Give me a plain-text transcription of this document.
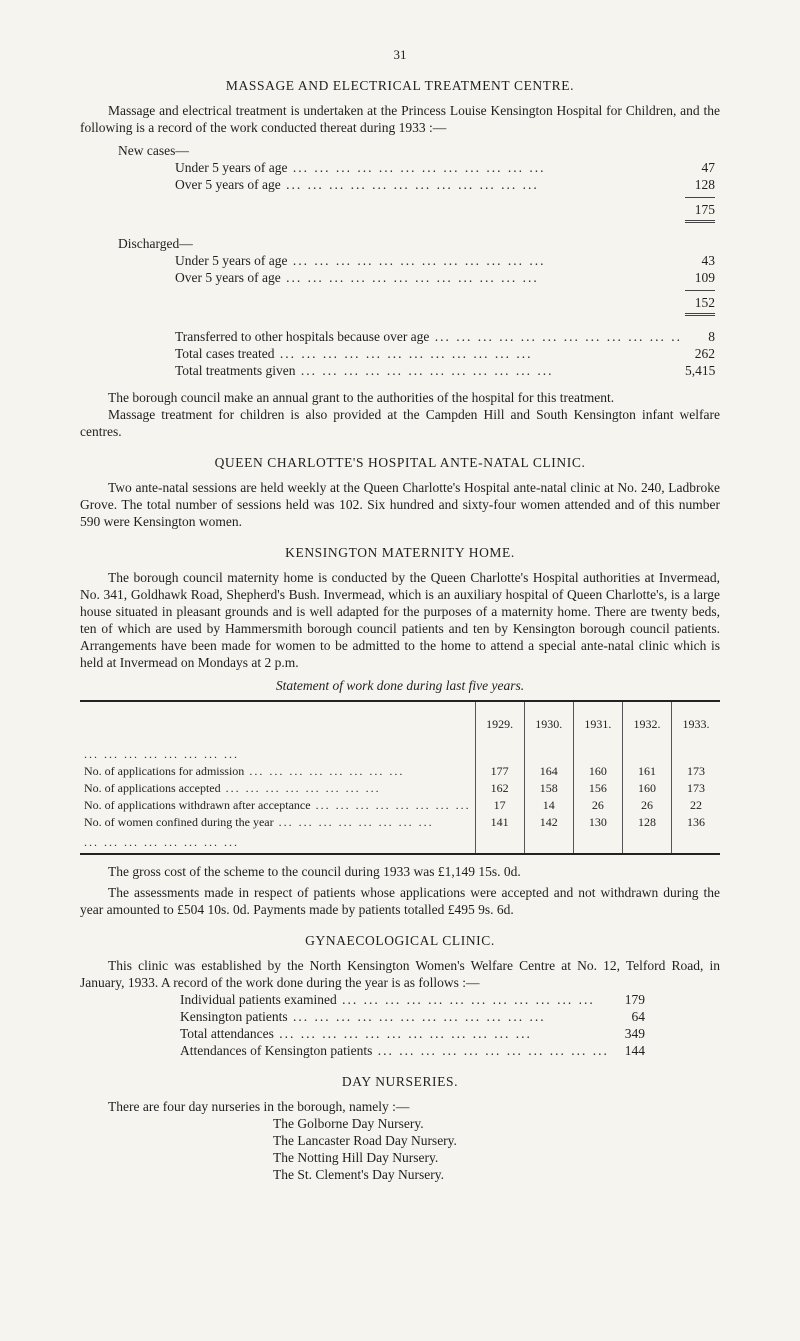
31
MASSAGE AND ELECTRICAL TREATMENT CENTRE.

Massage and electrical treatment is undertaken at the Princess Louise Kensington Hospital for Children, and the following is a record of the work conducted thereat during 1933 :—

New cases—
Under 5 years of age ... .	47
Over 5 years of age ... .	128
175
Discharged—
Under 5 years of age ... .	43
Over 5 years of age ... .	109
152
Transferred to other hospitals because over age ... .	8
Total cases treated ... .	262
Total treatments given ... .	5,415

The borough council make an annual grant to the authorities of the hospital for this treatment.

Massage treatment for children is also provided at the Campden Hill and South Kensington infant welfare centres.

QUEEN CHARLOTTE'S HOSPITAL ANTE-NATAL CLINIC.

Two ante-natal sessions are held weekly at the Queen Charlotte's Hospital ante-natal clinic at No. 240, Ladbroke Grove. The total number of sessions held was 102. Six hundred and sixty-four women attended and of this number 590 were Kensington women.

KENSINGTON MATERNITY HOME.

The borough council maternity home is conducted by the Queen Charlotte's Hospital authorities at Invermead, No. 341, Goldhawk Road, Shepherd's Bush. Invermead, which is an auxiliary hospital of Queen Charlotte's, is a large house situated in pleasant grounds and is well adapted for the purposes of a maternity home. There are twenty beds, ten of which are used by Hammersmith borough council patients and ten by Kensington borough council patients. Arrangements have been made for women to be admitted to the home to attend a special ante-natal clinic which is held at Invermead on Mondays at 2 p.m.

Statement of work done during last five years.
	1929.	1930.	1931.	1932.	1933.
... .					
No. of applications for admission ... .	177	164	160	161	173
No. of applications accepted ... .	162	158	156	160	173
No. of applications withdrawn after acceptance ... .	17	14	26	26	22
No. of women confined during the year ... .	141	142	130	128	136
... .					

The gross cost of the scheme to the council during 1933 was £1,149 15s. 0d.

The assessments made in respect of patients whose applications were accepted and not withdrawn during the year amounted to £504 10s. 0d. Payments made by patients totalled £495 9s. 6d.

GYNAECOLOGICAL CLINIC.

This clinic was established by the North Kensington Women's Welfare Centre at No. 12, Telford Road, in January, 1933. A record of the work done during the year is as follows :—

Individual patients examined ... .	179
Kensington patients ... .	64
Total attendances ... .	349
Attendances of Kensington patients ... .	144
DAY NURSERIES.

There are four day nurseries in the borough, namely :—

The Golborne Day Nursery.
The Lancaster Road Day Nursery.
The Notting Hill Day Nursery.
The St. Clement's Day Nursery.
